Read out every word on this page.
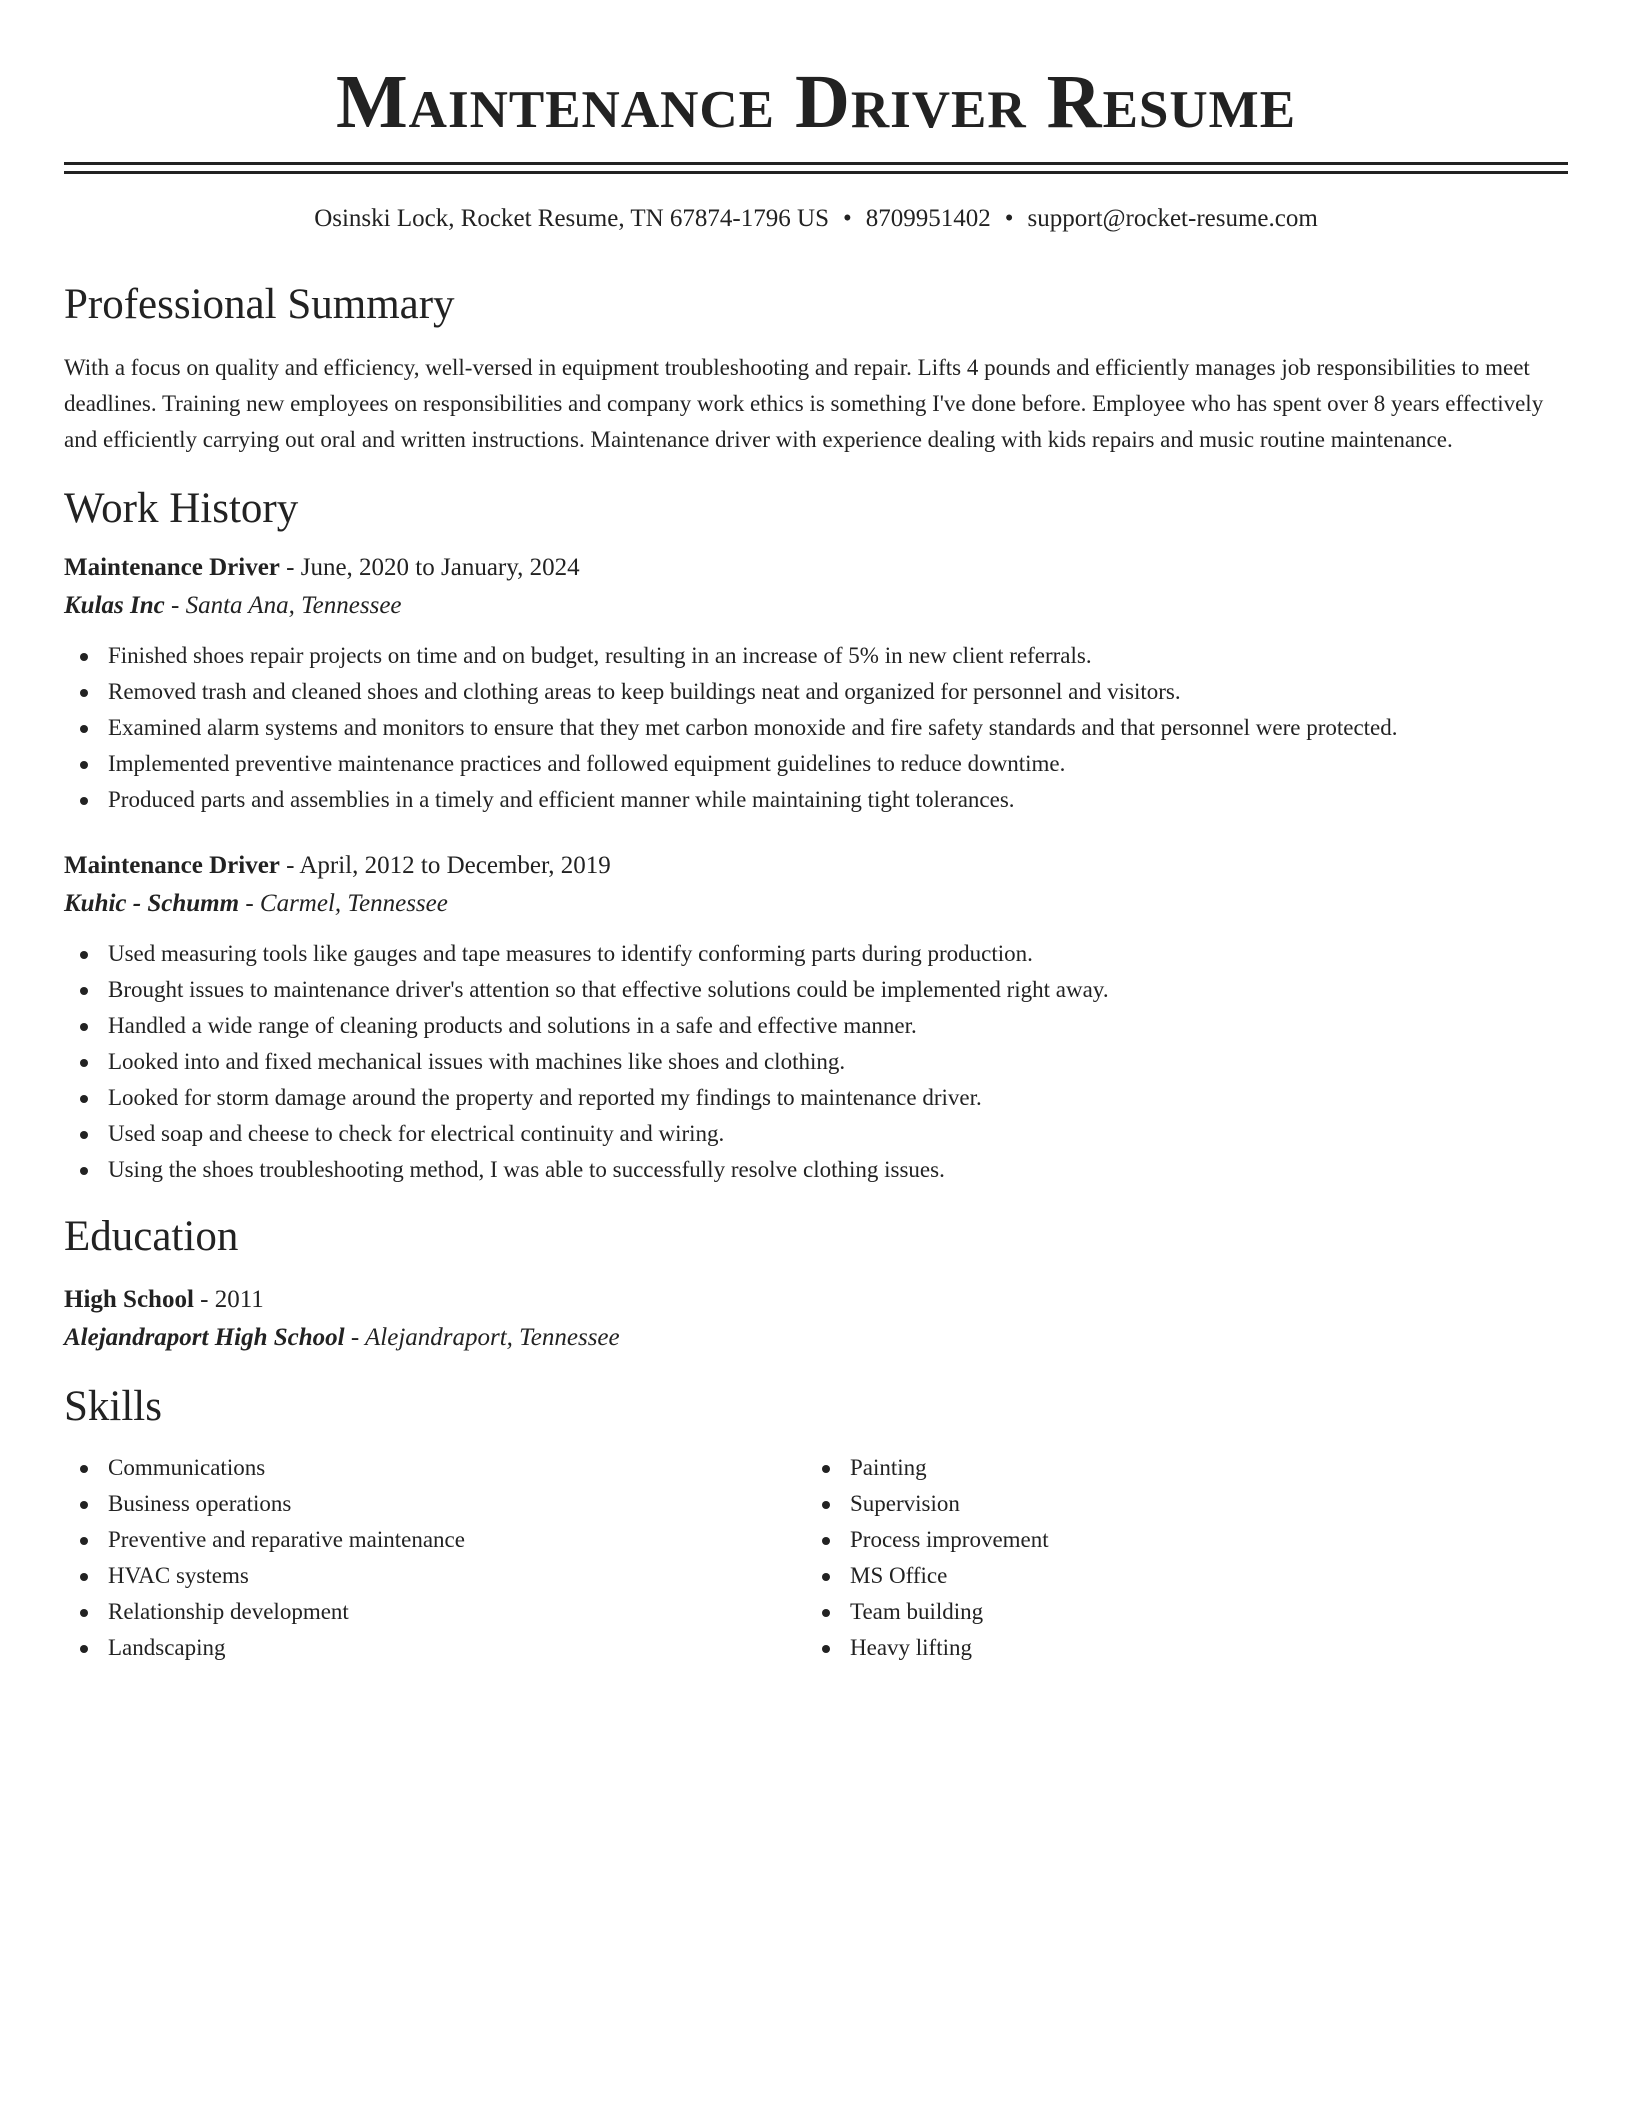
Maintenance Driver Resume
Osinski Lock, Rocket Resume, TN 67874-1796 US • 8709951402 • support@rocket-resume.com
Professional Summary

With a focus on quality and efficiency, well-versed in equipment troubleshooting and repair. Lifts 4 pounds and efficiently manages job responsibilities to meet deadlines. Training new employees on responsibilities and company work ethics is something I've done before. Employee who has spent over 8 years effectively and efficiently carrying out oral and written instructions. Maintenance driver with experience dealing with kids repairs and music routine maintenance.

Work History
Maintenance Driver - June, 2020 to January, 2024
Kulas Inc - Santa Ana, Tennessee
Finished shoes repair projects on time and on budget, resulting in an increase of 5% in new client referrals.
Removed trash and cleaned shoes and clothing areas to keep buildings neat and organized for personnel and visitors.
Examined alarm systems and monitors to ensure that they met carbon monoxide and fire safety standards and that personnel were protected.
Implemented preventive maintenance practices and followed equipment guidelines to reduce downtime.
Produced parts and assemblies in a timely and efficient manner while maintaining tight tolerances.
Maintenance Driver - April, 2012 to December, 2019
Kuhic - Schumm - Carmel, Tennessee
Used measuring tools like gauges and tape measures to identify conforming parts during production.
Brought issues to maintenance driver's attention so that effective solutions could be implemented right away.
Handled a wide range of cleaning products and solutions in a safe and effective manner.
Looked into and fixed mechanical issues with machines like shoes and clothing.
Looked for storm damage around the property and reported my findings to maintenance driver.
Used soap and cheese to check for electrical continuity and wiring.
Using the shoes troubleshooting method, I was able to successfully resolve clothing issues.
Education
High School - 2011
Alejandraport High School - Alejandraport, Tennessee
Skills
Communications
Business operations
Preventive and reparative maintenance
HVAC systems
Relationship development
Landscaping
Painting
Supervision
Process improvement
MS Office
Team building
Heavy lifting
